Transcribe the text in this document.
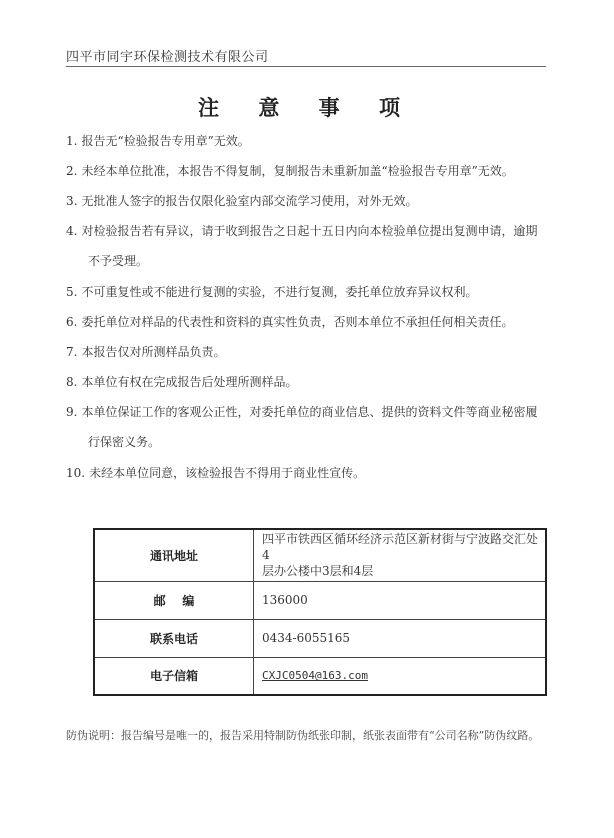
四平市同宇环保检测技术有限公司
注 意 事 项
1. 报告无“检验报告专用章”无效。
2. 未经本单位批准，本报告不得复制，复制报告未重新加盖“检验报告专用章”无效。
3. 无批准人签字的报告仅限化验室内部交流学习使用，对外无效。
4. 对检验报告若有异议，请于收到报告之日起十五日内向本检验单位提出复测申请，逾期
不予受理。
5. 不可重复性或不能进行复测的实验，不进行复测，委托单位放弃异议权利。
6. 委托单位对样品的代表性和资料的真实性负责，否则本单位不承担任何相关责任。
7. 本报告仅对所测样品负责。
8. 本单位有权在完成报告后处理所测样品。
9. 本单位保证工作的客观公正性，对委托单位的商业信息、提供的资料文件等商业秘密履
行保密义务。
10. 未经本单位同意，该检验报告不得用于商业性宣传。
通讯地址	四平市铁西区循环经济示范区新材街与宁波路交汇处4
层办公楼中3层和4层

邮    编	136000
联系电话	0434-6055165
电子信箱	CXJC0504@163.com
防伪说明：报告编号是唯一的，报告采用特制防伪纸张印制，纸张表面带有“公司名称”防伪纹路。
